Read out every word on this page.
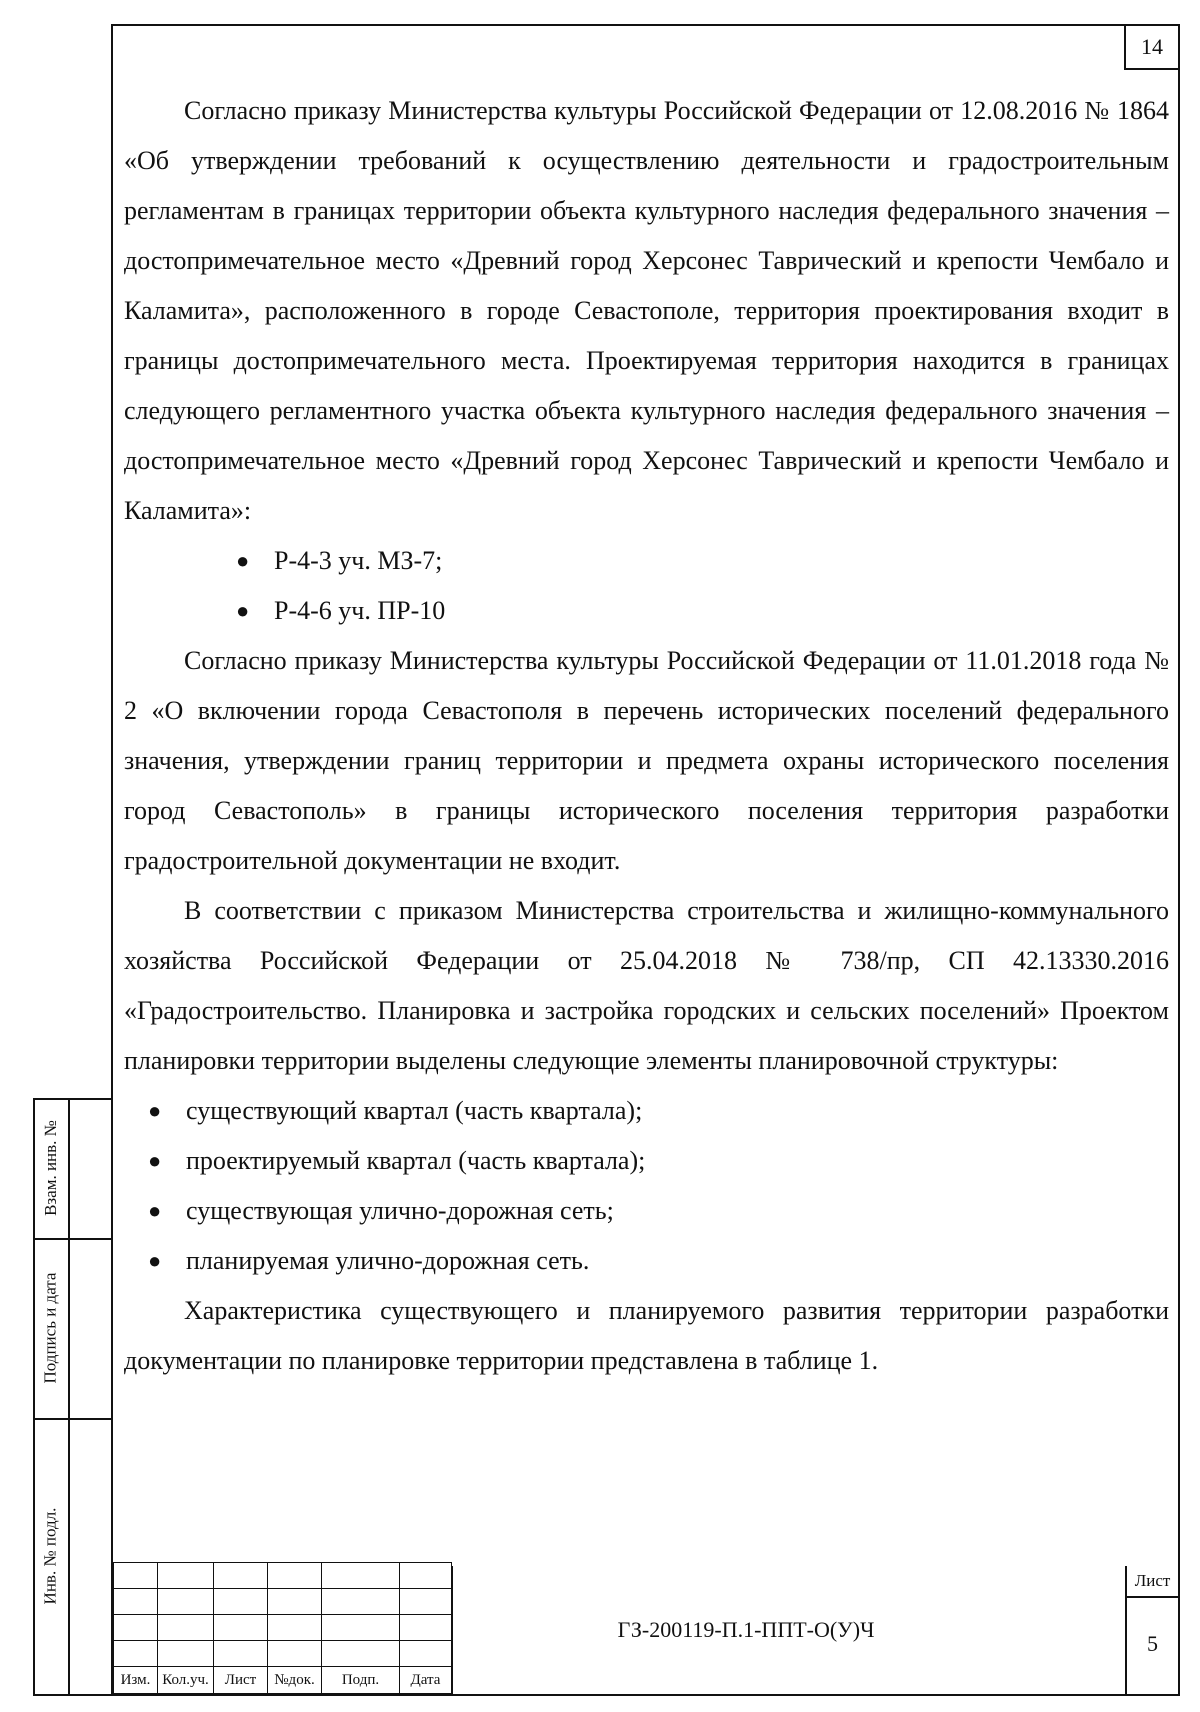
14

Согласно приказу Министерства культуры Российской Федерации от 12.08.2016 № 1864 «Об утверждении требований к осуществлению деятельности и градостроительным регламентам в границах территории объекта культурного наследия федерального значения – достопримечательное место «Древний город Херсонес Таврический и крепости Чембало и Каламита», расположенного в городе Севастополе, территория проектирования входит в границы достопримечательного места. Проектируемая территория находится в границах следующего регламентного участка объекта культурного наследия федерального значения – достопримечательное место «Древний город Херсонес Таврический и крепости Чембало и Каламита»:

● Р-4-3 уч. МЗ-7;
● Р-4-6 уч. ПР-10

Согласно приказу Министерства культуры Российской Федерации от 11.01.2018 года № 2 «О включении города Севастополя в перечень исторических поселений федерального значения, утверждении границ территории и предмета охраны исторического поселения город Севастополь» в границы исторического поселения территория разработки градостроительной документации не входит.

В соответствии с приказом Министерства строительства и жилищно-коммунального хозяйства Российской Федерации от 25.04.2018 № 738/пр, СП 42.13330.2016 «Градостроительство. Планировка и застройка городских и сельских поселений» Проектом планировки территории выделены следующие элементы планировочной структуры:

● существующий квартал (часть квартала);
● проектируемый квартал (часть квартала);
● существующая улично-дорожная сеть;
● планируемая улично-дорожная сеть.

Характеристика существующего и планируемого развития территории разработки документации по планировке территории представлена в таблице 1.

Изм.	Кол.уч.	Лист	№док.	Подп.	Дата
ГЗ-200119-П.1-ППТ-О(У)Ч
Лист
5
Взам. инв. №
Подпись и дата
Инв. № подл.
